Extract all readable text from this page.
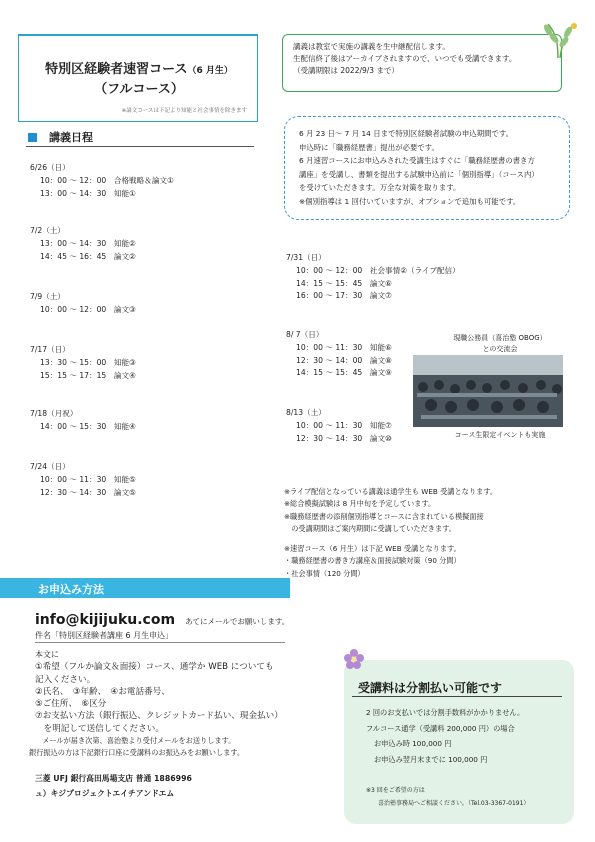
特別区経験者速習コース（6 月生）
（フルコース）
※論文コースは下記より知能と社会事情を除きます
講義は教室で実施の講義を生中継配信します。
生配信終了後はアーカイブされますので、いつでも受講できます。
（受講期限は 2022/9/3 まで）
講義日程	6 月 23 日～ 7 月 14 日まで特別区経験者試験の申込期間です。
申込時に「職務経歴書」提出が必要です。
6 月速習コースにお申込みされた受講生はすぐに「職務経歴書の書き方
講座」を受講し、書類を提出する試験申込前に「個別指導」（コース内）
を受けていただきます。万全な対策を取ります。
※個別指導は 1 回付いていますが、オプションで追加も可能です。
6/26（日）
10：00 ～ 12：00　合格戦略＆論文①
13：00 ～ 14：30　知能①
7/2（土）
13：00 ～ 14：30　知能②
14：45 ～ 16：45　論文②
7/9（土）
10：00 ～ 12：00　論文③
7/17（日）
13：30 ～ 15：00　知能③
15：15 ～ 17：15　論文④
7/18（月祝）
14：00 ～ 15：30　知能④
7/24（日）
10：00 ～ 11：30　知能⑤
12：30 ～ 14：30　論文⑤
7/31（日）
10：00 ～ 12：00　社会事情②（ライブ配信）
14：15 ～ 15：45　論文⑥
16：00 ～ 17：30　論文⑦
8/ 7（日）
10：00 ～ 11：30　知能⑥
12：30 ～ 14：00　論文⑧
14：15 ～ 15：45　論文⑨
8/13（土）
10：00 ～ 11：30　知能⑦
12：30 ～ 14：30　論文⑩
現職公務員（喜治塾 OBOG）
との交流会
コース生限定イベントも実施
※ライブ配信となっている講義は通学生も WEB 受講となります。
※総合模擬試験は 8 月中旬を予定しています。
※職務経歴書の添削個別指導とコースに含まれている模擬面接
　の受講期間はご案内期間に受講していただきます。
※速習コース（6 月生）は下記 WEB 受講となります。
・職務経歴書の書き方講座＆面接試験対策（90 分間）
・社会事情（120 分間）
お申込み方法
info@kijijuku.com あてにメールでお願いします。
件名「特別区経験者講座 6 月生申込」
本文に
①希望（フルか論文＆面接）コース、通学か WEB についても
記入ください。
②氏名、　③年齢、　④お電話番号、
⑤ご住所、　⑥区分
⑦お支払い方法（銀行振込、クレジットカード払い、現金払い）
　を明記して送信してください。
　メールが届き次第、喜治塾より受付メールをお送りします。
銀行振込の方は下記銀行口座に受講料のお振込みをお願いします。
三菱 UFJ 銀行高田馬場支店 普通 1886996
ュ）キジプロジェクトエイチアンドエム
受講料は分割払い可能です
2 回のお支払いでは分割手数料がかかりません。
フルコース通学（受講料 200,000 円）の場合
お申込み時 100,000 円
お申込み翌月末までに 100,000 円
※3 回をご希望の方は
喜治塾事務局へご相談ください。（Tel.03-3367-0191）
